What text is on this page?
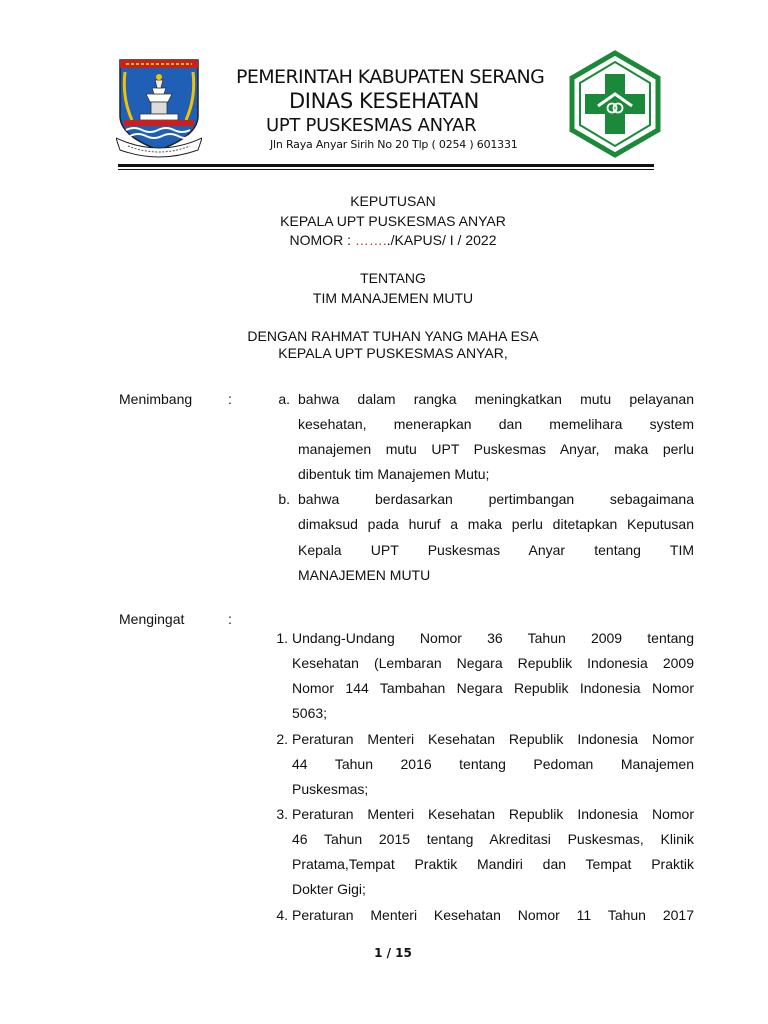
PEMERINTAH KABUPATEN SERANG
DINAS KESEHATAN
UPT PUSKESMAS ANYAR
Jln Raya Anyar Sirih No 20 Tlp ( 0254 ) 601331
KEPUTUSAN
KEPALA UPT PUSKESMAS ANYAR
NOMOR : ……../KAPUS/ I / 2022
TENTANG
TIM MANAJEMEN MUTU
DENGAN RAHMAT TUHAN YANG MAHA ESA
KEPALA UPT PUSKESMAS ANYAR,
Menimbang	:	a. bahwa dalam rangka meningkatkan mutu pelayanan
kesehatan, menerapkan dan memelihara system
manajemen mutu UPT Puskesmas Anyar, maka perlu
dibentuk tim Manajemen Mutu;
b. bahwa berdasarkan pertimbangan sebagaimana
dimaksud pada huruf a maka perlu ditetapkan Keputusan
Kepala UPT Puskesmas Anyar tentang TIM
MANAJEMEN MUTU
Mengingat	:
1. Undang-Undang Nomor 36 Tahun 2009 tentang
Kesehatan (Lembaran Negara Republik Indonesia 2009
Nomor 144 Tambahan Negara Republik Indonesia Nomor
5063;
2. Peraturan Menteri Kesehatan Republik Indonesia Nomor
44 Tahun 2016 tentang Pedoman Manajemen
Puskesmas;
3. Peraturan Menteri Kesehatan Republik Indonesia Nomor
46 Tahun 2015 tentang Akreditasi Puskesmas, Klinik
Pratama,Tempat Praktik Mandiri dan Tempat Praktik
Dokter Gigi;
4. Peraturan Menteri Kesehatan Nomor 11 Tahun 2017
1 / 15
